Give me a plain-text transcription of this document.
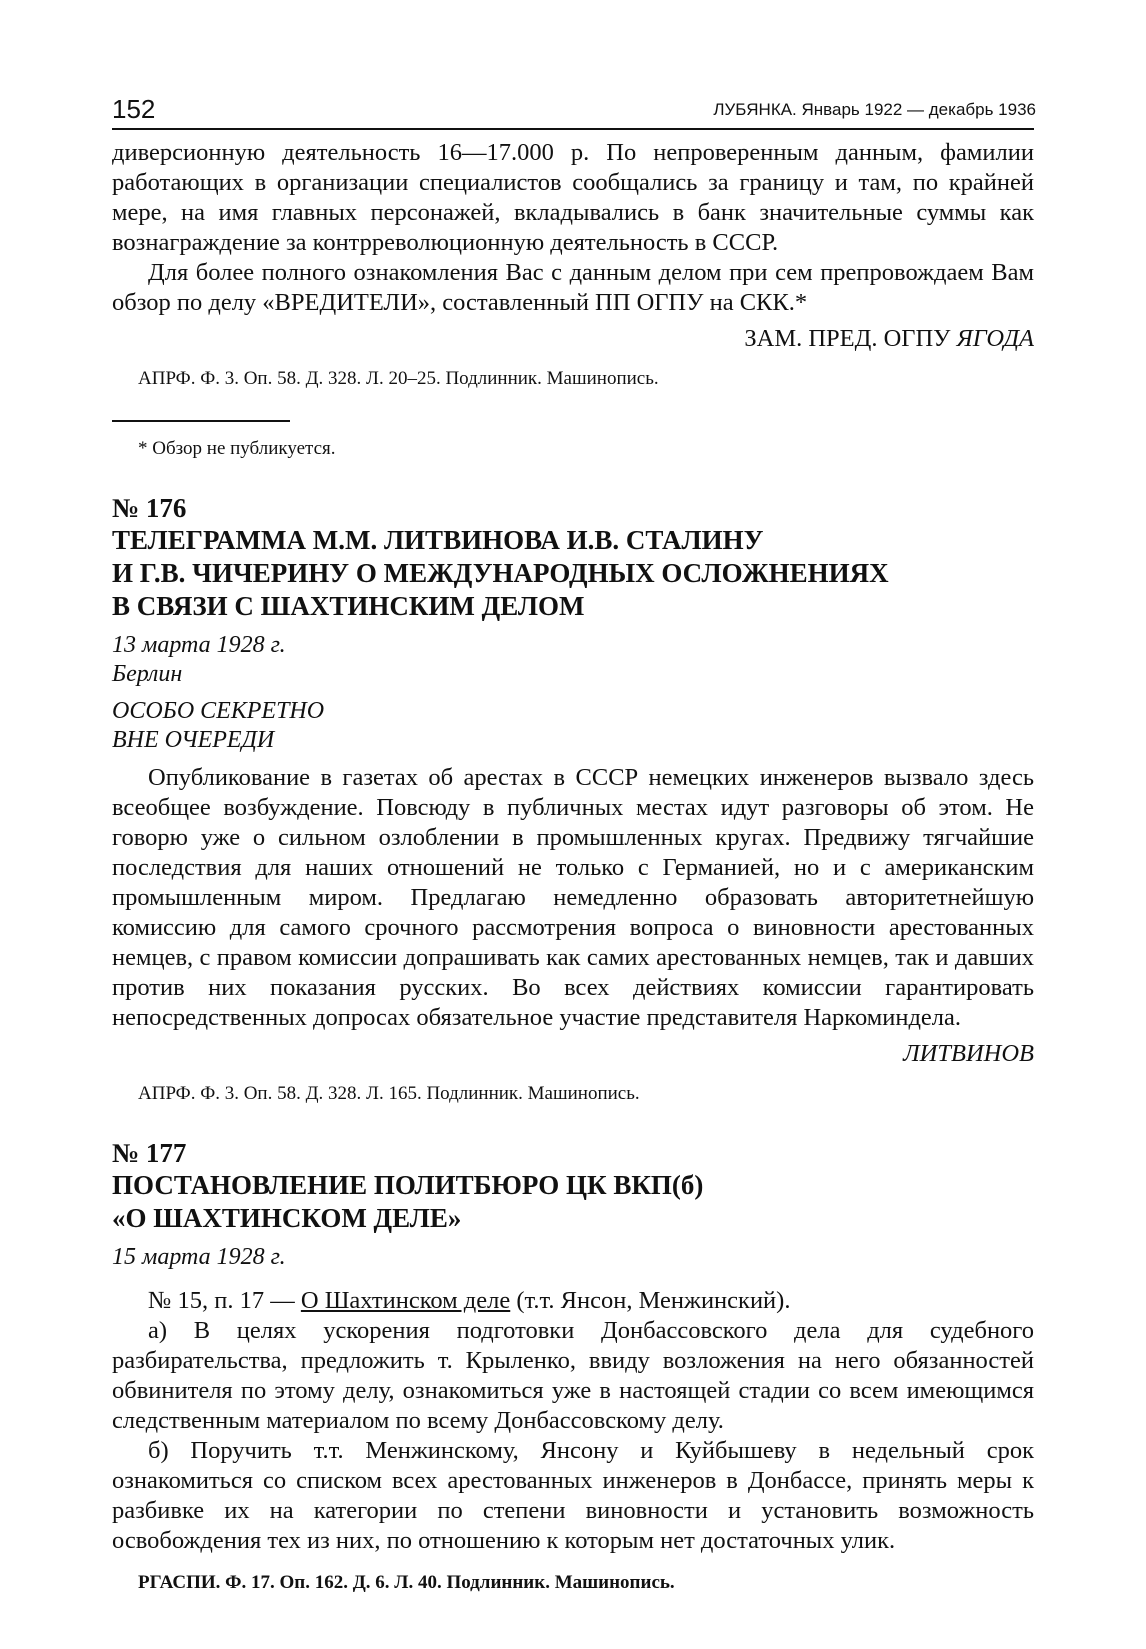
152	ЛУБЯНКА. Январь 1922 — декабрь 1936

диверсионную деятельность 16—17.000 р. По непроверенным данным, фамилии работающих в организации специалистов сообщались за границу и там, по крайней мере, на имя главных персонажей, вкладывались в банк значительные суммы как вознаграждение за контрреволюционную деятельность в СССР.

Для более полного ознакомления Вас с данным делом при сем препровождаем Вам обзор по делу «ВРЕДИТЕЛИ», составленный ПП ОГПУ на СКК.*

ЗАМ. ПРЕД. ОГПУ ЯГОДА
АПРФ. Ф. 3. Оп. 58. Д. 328. Л. 20–25. Подлинник. Машинопись.
* Обзор не публикуется.
№ 176
ТЕЛЕГРАММА М.М. ЛИТВИНОВА И.В. СТАЛИНУ
И Г.В. ЧИЧЕРИНУ О МЕЖДУНАРОДНЫХ ОСЛОЖНЕНИЯХ
В СВЯЗИ С ШАХТИНСКИМ ДЕЛОМ
13 марта 1928 г.
Берлин
ОСОБО СЕКРЕТНО
ВНЕ ОЧЕРЕДИ

Опубликование в газетах об арестах в СССР немецких инженеров вызвало здесь всеобщее возбуждение. Повсюду в публичных местах идут разговоры об этом. Не говорю уже о сильном озлоблении в промышленных кругах. Предвижу тягчайшие последствия для наших отношений не только с Германией, но и с американским промышленным миром. Предлагаю немедленно образовать авторитетнейшую комиссию для самого срочного рассмотрения вопроса о виновности арестованных немцев, с правом комиссии допрашивать как самих арестованных немцев, так и давших против них показания русских. Во всех действиях комиссии гарантировать непосредственных допросах обязательное участие представителя Наркоминдела.

ЛИТВИНОВ
АПРФ. Ф. 3. Оп. 58. Д. 328. Л. 165. Подлинник. Машинопись.
№ 177
ПОСТАНОВЛЕНИЕ ПОЛИТБЮРО ЦК ВКП(б)
«О ШАХТИНСКОМ ДЕЛЕ»
15 марта 1928 г.

№ 15, п. 17 — О Шахтинском деле (т.т. Янсон, Менжинский).

а) В целях ускорения подготовки Донбассовского дела для судебного разбирательства, предложить т. Крыленко, ввиду возложения на него обязанностей обвинителя по этому делу, ознакомиться уже в настоящей стадии со всем имеющимся следственным материалом по всему Донбассовскому делу.

б) Поручить т.т. Менжинскому, Янсону и Куйбышеву в недельный срок ознакомиться со списком всех арестованных инженеров в Донбассе, принять меры к разбивке их на категории по степени виновности и установить возможность освобождения тех из них, по отношению к которым нет достаточных улик.

РГАСПИ. Ф. 17. Оп. 162. Д. 6. Л. 40. Подлинник. Машинопись.
